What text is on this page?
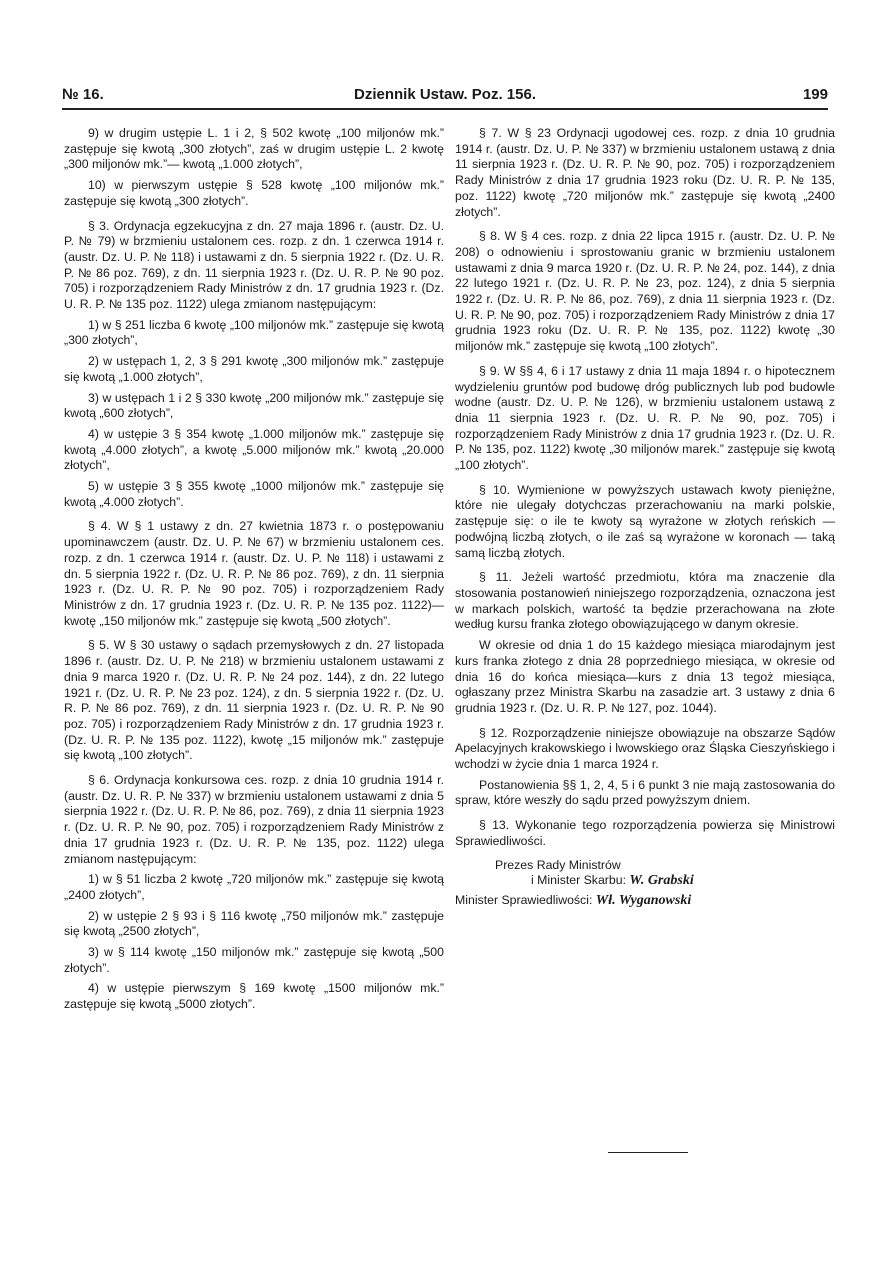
№ 16.	Dziennik Ustaw. Poz. 156.	199

9) w drugim ustępie L. 1 i 2, § 502 kwotę „100 miljonów mk.” zastępuje się kwotą „300 złotych”, zaś w drugim ustępie L. 2 kwotę „300 miljonów mk.”— kwotą „1.000 złotych”,

10) w pierwszym ustępie § 528 kwotę „100 miljonów mk.” zastępuje się kwotą „300 złotych”.

§ 3. Ordynacja egzekucyjna z dn. 27 maja 1896 r. (austr. Dz. U. P. № 79) w brzmieniu ustalonem ces. rozp. z dn. 1 czerwca 1914 r. (austr. Dz. U. P. № 118) i ustawami z dn. 5 sierpnia 1922 r. (Dz. U. R. P. № 86 poz. 769), z dn. 11 sierpnia 1923 r. (Dz. U. R. P. № 90 poz. 705) i rozporządzeniem Rady Ministrów z dn. 17 grudnia 1923 r. (Dz. U. R. P. № 135 poz. 1122) ulega zmianom następującym:

1) w § 251 liczba 6 kwotę „100 miljonów mk.” zastępuje się kwotą „300 złotych”,

2) w ustępach 1, 2, 3 § 291 kwotę „300 miljonów mk.” zastępuje się kwotą „1.000 złotych”,

3) w ustępach 1 i 2 § 330 kwotę „200 miljonów mk.” zastępuje się kwotą „600 złotych”,

4) w ustępie 3 § 354 kwotę „1.000 miljonów mk.” zastępuje się kwotą „4.000 złotych”, a kwotę „5.000 miljonów mk.” kwotą „20.000 złotych”,

5) w ustępie 3 § 355 kwotę „1000 miljonów mk.” zastępuje się kwotą „4.000 złotych”.

§ 4. W § 1 ustawy z dn. 27 kwietnia 1873 r. o postępowaniu upominawczem (austr. Dz. U. P. № 67) w brzmieniu ustalonem ces. rozp. z dn. 1 czerwca 1914 r. (austr. Dz. U. P. № 118) i ustawami z dn. 5 sierpnia 1922 r. (Dz. U. R. P. № 86 poz. 769), z dn. 11 sierpnia 1923 r. (Dz. U. R. P. № 90 poz. 705) i rozporządzeniem Rady Ministrów z dn. 17 grudnia 1923 r. (Dz. U. R. P. № 135 poz. 1122)—kwotę „150 miljonów mk.” zastępuje się kwotą „500 złotych”.

§ 5. W § 30 ustawy o sądach przemysłowych z dn. 27 listopada 1896 r. (austr. Dz. U. P. № 218) w brzmieniu ustalonem ustawami z dnia 9 marca 1920 r. (Dz. U. R. P. № 24 poz. 144), z dn. 22 lutego 1921 r. (Dz. U. R. P. № 23 poz. 124), z dn. 5 sierpnia 1922 r. (Dz. U. R. P. № 86 poz. 769), z dn. 11 sierpnia 1923 r. (Dz. U. R. P. № 90 poz. 705) i rozporządzeniem Rady Ministrów z dn. 17 grudnia 1923 r. (Dz. U. R. P. № 135 poz. 1122), kwotę „15 miljonów mk.” zastępuje się kwotą „100 złotych”.

§ 6. Ordynacja konkursowa ces. rozp. z dnia 10 grudnia 1914 r. (austr. Dz. U. R. P. № 337) w brzmieniu ustalonem ustawami z dnia 5 sierpnia 1922 r. (Dz. U. R. P. № 86, poz. 769), z dnia 11 sierpnia 1923 r. (Dz. U. R. P. № 90, poz. 705) i rozporządzeniem Rady Ministrów z dnia 17 grudnia 1923 r. (Dz. U. R. P. № 135, poz. 1122) ulega zmianom następującym:

1) w § 51 liczba 2 kwotę „720 miljonów mk.” zastępuje się kwotą „2400 złotych”,

2) w ustępie 2 § 93 i § 116 kwotę „750 miljonów mk.” zastępuje się kwotą „2500 złotych”,

3) w § 114 kwotę „150 miljonów mk.” zastępuje się kwotą „500 złotych”.

4) w ustępie pierwszym § 169 kwotę „1500 miljonów mk.” zastępuje się kwotą „5000 złotych”.

§ 7. W § 23 Ordynacji ugodowej ces. rozp. z dnia 10 grudnia 1914 r. (austr. Dz. U. P. № 337) w brzmieniu ustalonem ustawą z dnia 11 sierpnia 1923 r. (Dz. U. R. P. № 90, poz. 705) i rozporządzeniem Rady Ministrów z dnia 17 grudnia 1923 roku (Dz. U. R. P. № 135, poz. 1122) kwotę „720 miljonów mk.” zastępuje się kwotą „2400 złotych”.

§ 8. W § 4 ces. rozp. z dnia 22 lipca 1915 r. (austr. Dz. U. P. № 208) o odnowieniu i sprostowaniu granic w brzmieniu ustalonem ustawami z dnia 9 marca 1920 r. (Dz. U. R. P. № 24, poz. 144), z dnia 22 lutego 1921 r. (Dz. U. R. P. № 23, poz. 124), z dnia 5 sierpnia 1922 r. (Dz. U. R. P. № 86, poz. 769), z dnia 11 sierpnia 1923 r. (Dz. U. R. P. № 90, poz. 705) i rozporządzeniem Rady Ministrów z dnia 17 grudnia 1923 roku (Dz. U. R. P. № 135, poz. 1122) kwotę „30 miljonów mk.” zastępuje się kwotą „100 złotych”.

§ 9. W §§ 4, 6 i 17 ustawy z dnia 11 maja 1894 r. o hipotecznem wydzieleniu gruntów pod budowę dróg publicznych lub pod budowle wodne (austr. Dz. U. P. № 126), w brzmieniu ustalonem ustawą z dnia 11 sierpnia 1923 r. (Dz. U. R. P. № 90, poz. 705) i rozporządzeniem Rady Ministrów z dnia 17 grudnia 1923 r. (Dz. U. R. P. № 135, poz. 1122) kwotę „30 miljonów marek.” zastępuje się kwotą „100 złotych”.

§ 10. Wymienione w powyższych ustawach kwoty pieniężne, które nie ulegały dotychczas przerachowaniu na marki polskie, zastępuje się: o ile te kwoty są wyrażone w złotych reńskich — podwójną liczbą złotych, o ile zaś są wyrażone w koronach — taką samą liczbą złotych.

§ 11. Jeżeli wartość przedmiotu, która ma znaczenie dla stosowania postanowień niniejszego rozporządzenia, oznaczona jest w markach polskich, wartość ta będzie przerachowana na złote według kursu franka złotego obowiązującego w danym okresie.

W okresie od dnia 1 do 15 każdego miesiąca miarodajnym jest kurs franka złotego z dnia 28 poprzedniego miesiąca, w okresie od dnia 16 do końca miesiąca—kurs z dnia 13 tegoż miesiąca, ogłaszany przez Ministra Skarbu na zasadzie art. 3 ustawy z dnia 6 grudnia 1923 r. (Dz. U. R. P. № 127, poz. 1044).

§ 12. Rozporządzenie niniejsze obowiązuje na obszarze Sądów Apelacyjnych krakowskiego i lwowskiego oraz Śląska Cieszyńskiego i wchodzi w życie dnia 1 marca 1924 r.

Postanowienia §§ 1, 2, 4, 5 i 6 punkt 3 nie mają zastosowania do spraw, które weszły do sądu przed powyższym dniem.

§ 13. Wykonanie tego rozporządzenia powierza się Ministrowi Sprawiedliwości.

Prezes Rady Ministrów
i Minister Skarbu: W. Grabski
Minister Sprawiedliwości: Wł. Wyganowski
